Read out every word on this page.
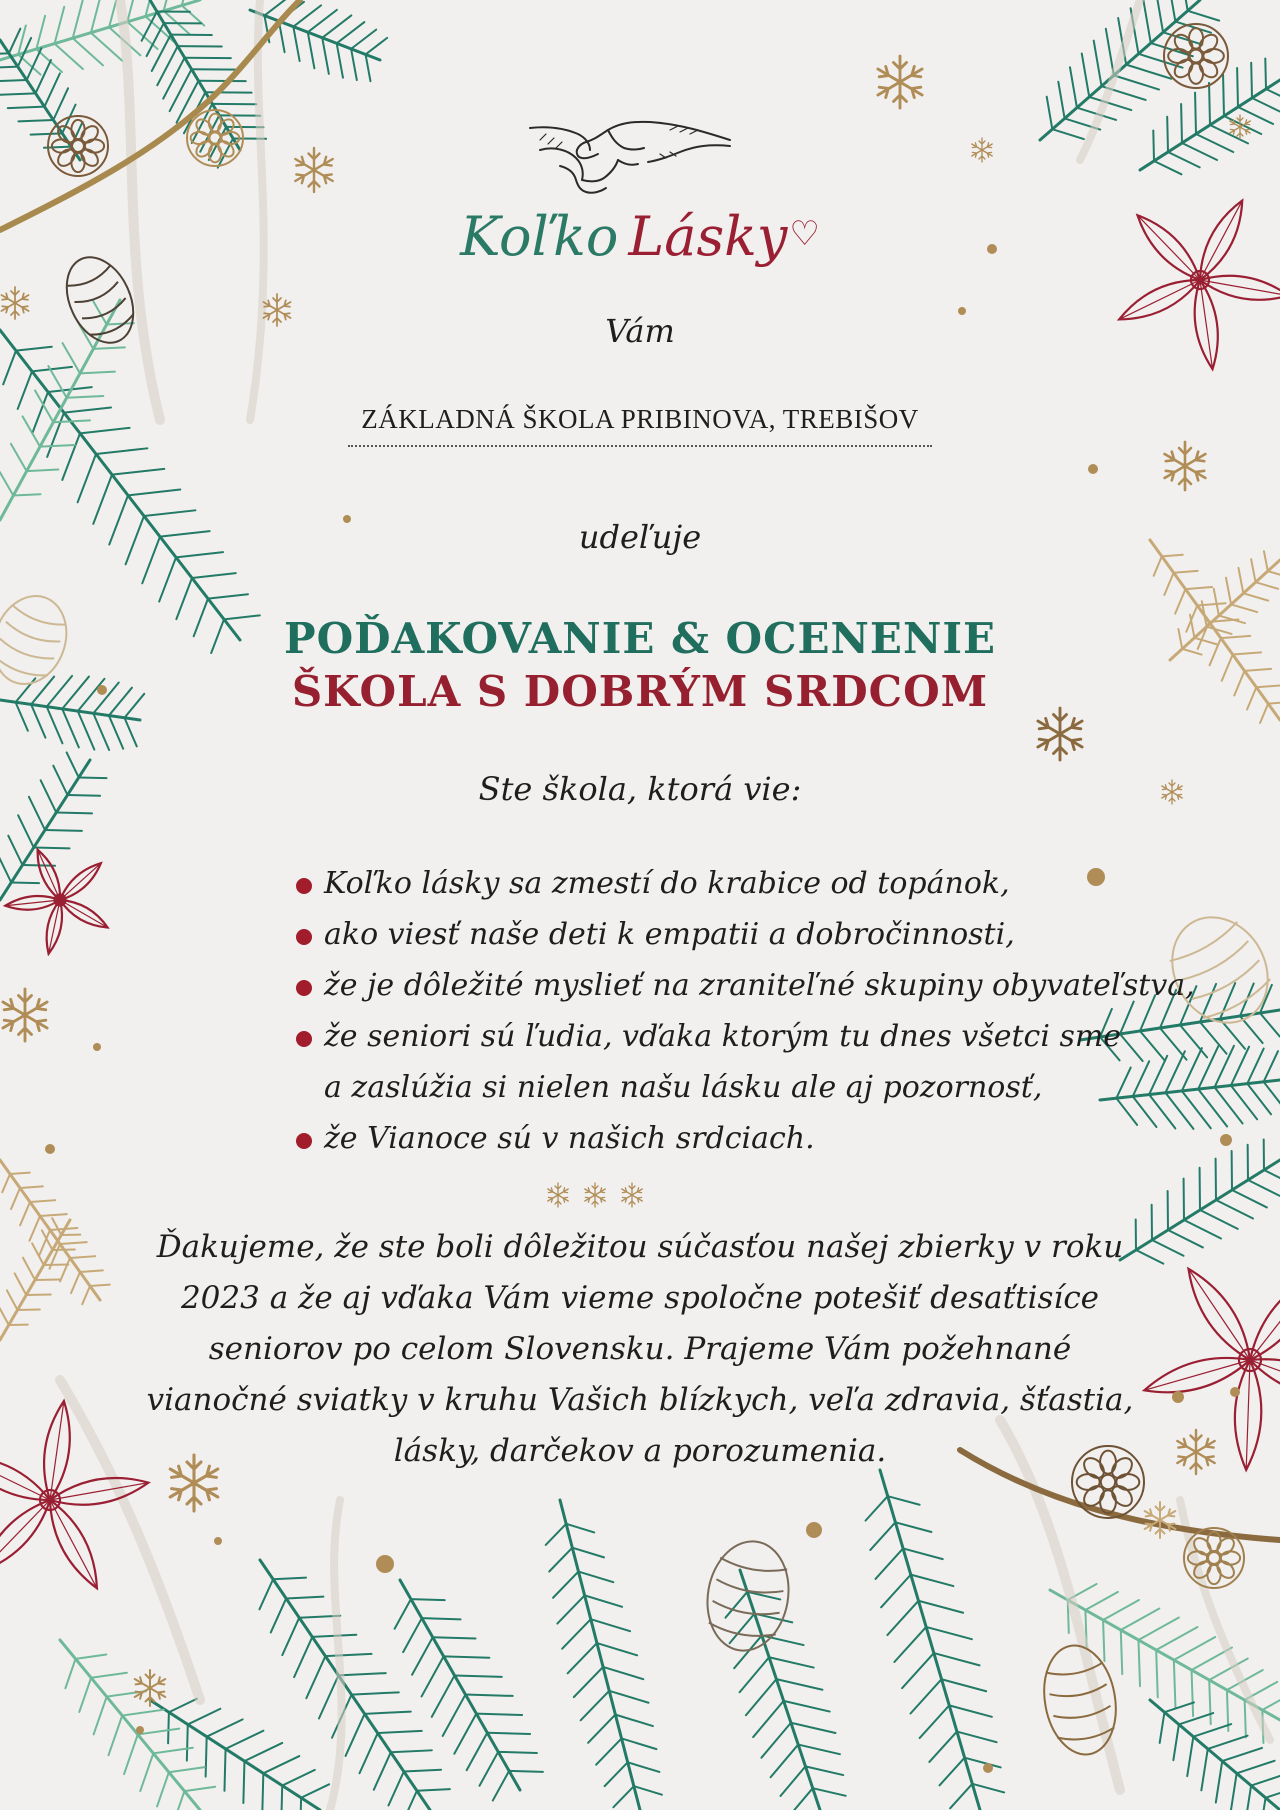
Koľko Lásky♡
Vám
ZÁKLADNÁ ŠKOLA PRIBINOVA, TREBIŠOV
udeľuje
POĎAKOVANIE & OCENENIE
ŠKOLA S DOBRÝM SRDCOM
Ste škola, ktorá vie:
Koľko lásky sa zmestí do krabice od topánok,
ako viesť naše deti k empatii a dobročinnosti,
že je dôležité myslieť na zraniteľné skupiny obyvateľstva,
že seniori sú ľudia, vďaka ktorým tu dnes všetci sme
a zaslúžia si nielen našu lásku ale aj pozornosť,
že Vianoce sú v našich srdciach.
Ďakujeme, že ste boli dôležitou súčasťou našej zbierky v roku
2023 a že aj vďaka Vám vieme spoločne potešiť desaťtisíce
seniorov po celom Slovensku. Prajeme Vám požehnané
vianočné sviatky v kruhu Vašich blízkych, veľa zdravia, šťastia,
lásky, darčekov a porozumenia.
